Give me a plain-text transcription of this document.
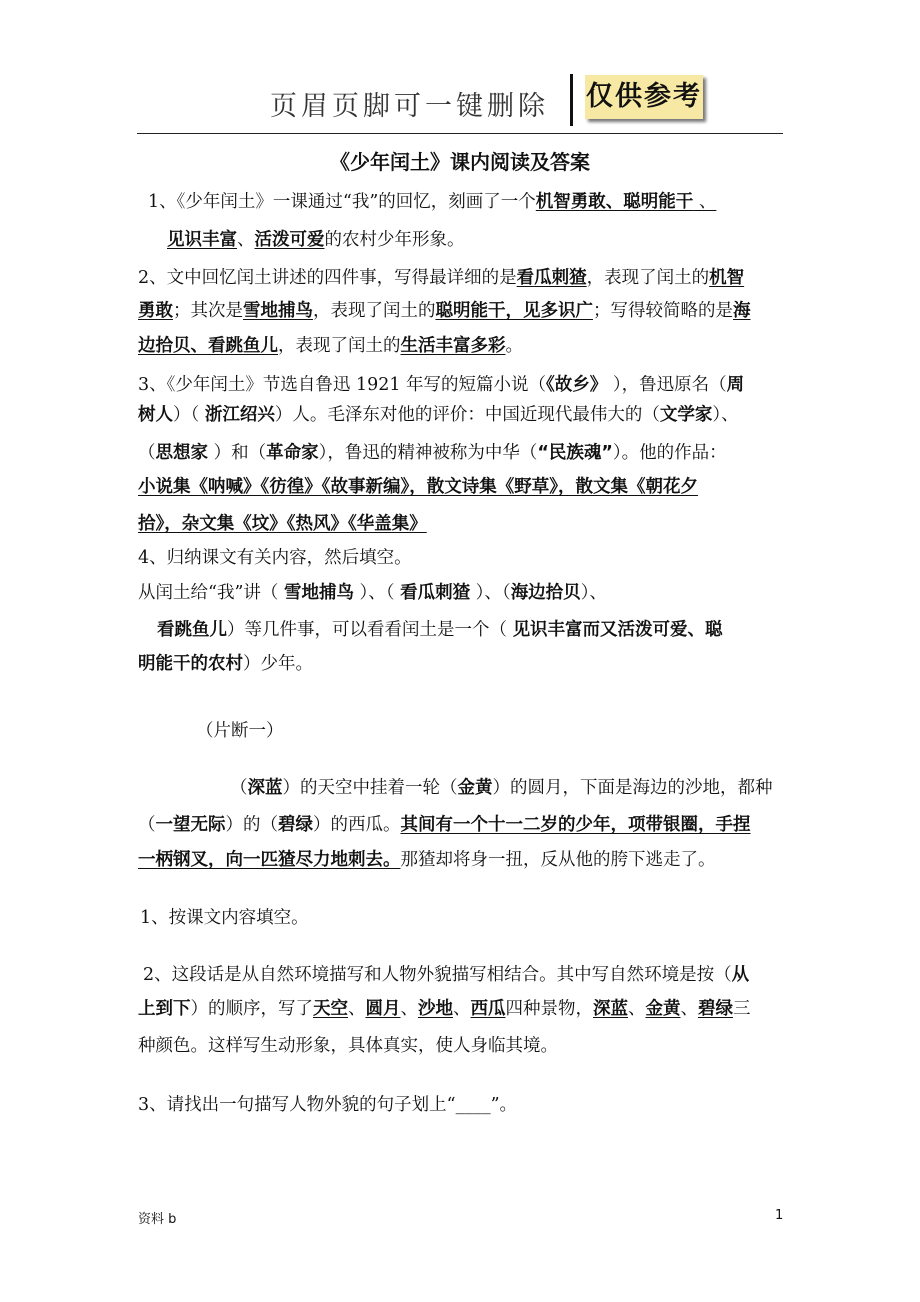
页眉页脚可一键删除 仅供参考
《少年闰土》课内阅读及答案
1、《少年闰土》一课通过“我”的回忆，刻画了一个机智勇敢、聪明能干 、
见识丰富、活泼可爱的农村少年形象。
2、文中回忆闰土讲述的四件事，写得最详细的是看瓜刺猹，表现了闰土的机智
勇敢；其次是雪地捕鸟，表现了闰土的聪明能干，见多识广；写得较简略的是海
边拾贝、看跳鱼儿，表现了闰土的生活丰富多彩。
3、《少年闰土》节选自鲁迅 1921 年写的短篇小说（《故乡》 ），鲁迅原名（周
树人）（ 浙江绍兴）人。毛泽东对他的评价：中国近现代最伟大的（文学家）、
（思想家 ）和（革命家），鲁迅的精神被称为中华（“民族魂”）。他的作品：
小说集《呐喊》《彷徨》《故事新编》，散文诗集《野草》，散文集《朝花夕
拾》，杂文集《坟》《热风》《华盖集》
4、归纳课文有关内容，然后填空。
从闰土给“我”讲（ 雪地捕鸟 ）、（ 看瓜刺猹 ）、（海边拾贝）、
看跳鱼儿）等几件事，可以看看闰土是一个（ 见识丰富而又活泼可爱、聪
明能干的农村）少年。
（片断一）
（深蓝）的天空中挂着一轮（金黄）的圆月，下面是海边的沙地，都种
（一望无际）的（碧绿）的西瓜。其间有一个十一二岁的少年，项带银圈，手捏
一柄钢叉，向一匹猹尽力地刺去。那猹却将身一扭，反从他的胯下逃走了。
1、按课文内容填空。
2、这段话是从自然环境描写和人物外貌描写相结合。其中写自然环境是按（从
上到下）的顺序，写了天空、圆月、沙地、西瓜四种景物，深蓝、金黄、碧绿三
种颜色。这样写生动形象，具体真实，使人身临其境。
3、请找出一句描写人物外貌的句子划上“____”。
资料 b	1
